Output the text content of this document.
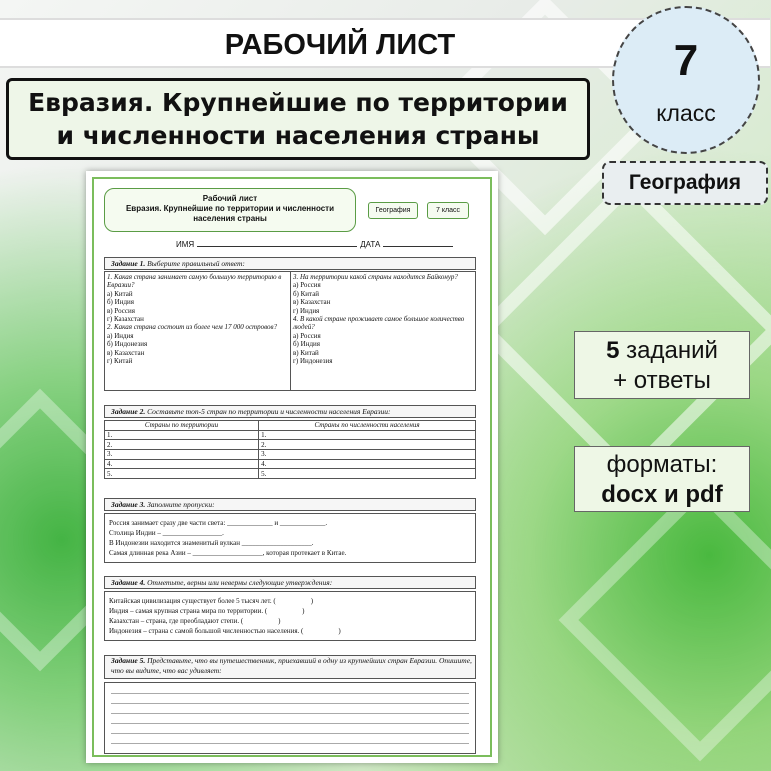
РАБОЧИЙ ЛИСТ
Евразия. Крупнейшие по территории
и численности населения страны
7
класс
География
5 заданий
+ ответы
форматы:
docx и pdf
Рабочий лист
Евразия. Крупнейшие по территории и численности
населения страны
География	7 класс
ИМЯ	ДАТА
Задание 1. Выберите правильный ответ:
1. Какая страна занимает самую большую территорию в Евразии?
а) Китай
б) Индия
в) Россия
г) Казахстан
2. Какая страна состоит из более чем 17 000 островов?
а) Индия
б) Индонезия
в) Казахстан
г) Китай
3. На территории какой страны находится Байконур?
а) Россия
б) Китай
в) Казахстан
г) Индия
4. В какой стране проживает самое большое количество людей?
а) Россия
б) Индия
в) Китай
г) Индонезия
Задание 2. Составьте топ-5 стран по территории и численности населения Евразии:
Страны по территории	Страны по численности населения
1.	1.
2.	2.
3.	3.
4.	4.
5.	5.
Задание 3. Заполните пропуски:
Россия занимает сразу две части света: _____________ и _____________.
Столица Индии – _________________.
В Индонезии находится знаменитый вулкан ____________________.
Самая длинная река Азии – ____________________, которая протекает в Китае.
Задание 4. Отметьте, верны или неверны следующие утверждения:
Китайская цивилизация существует более 5 тысяч лет. (                    )
Индия – самая крупная страна мира по территории. (                    )
Казахстан – страна, где преобладают степи. (                    )
Индонезия – страна с самой большой численностью населения. (                    )
Задание 5. Представьте, что вы путешественник, приехавший в одну из крупнейших стран Евразии. Опишите, что вы видите, что вас удивляет:
